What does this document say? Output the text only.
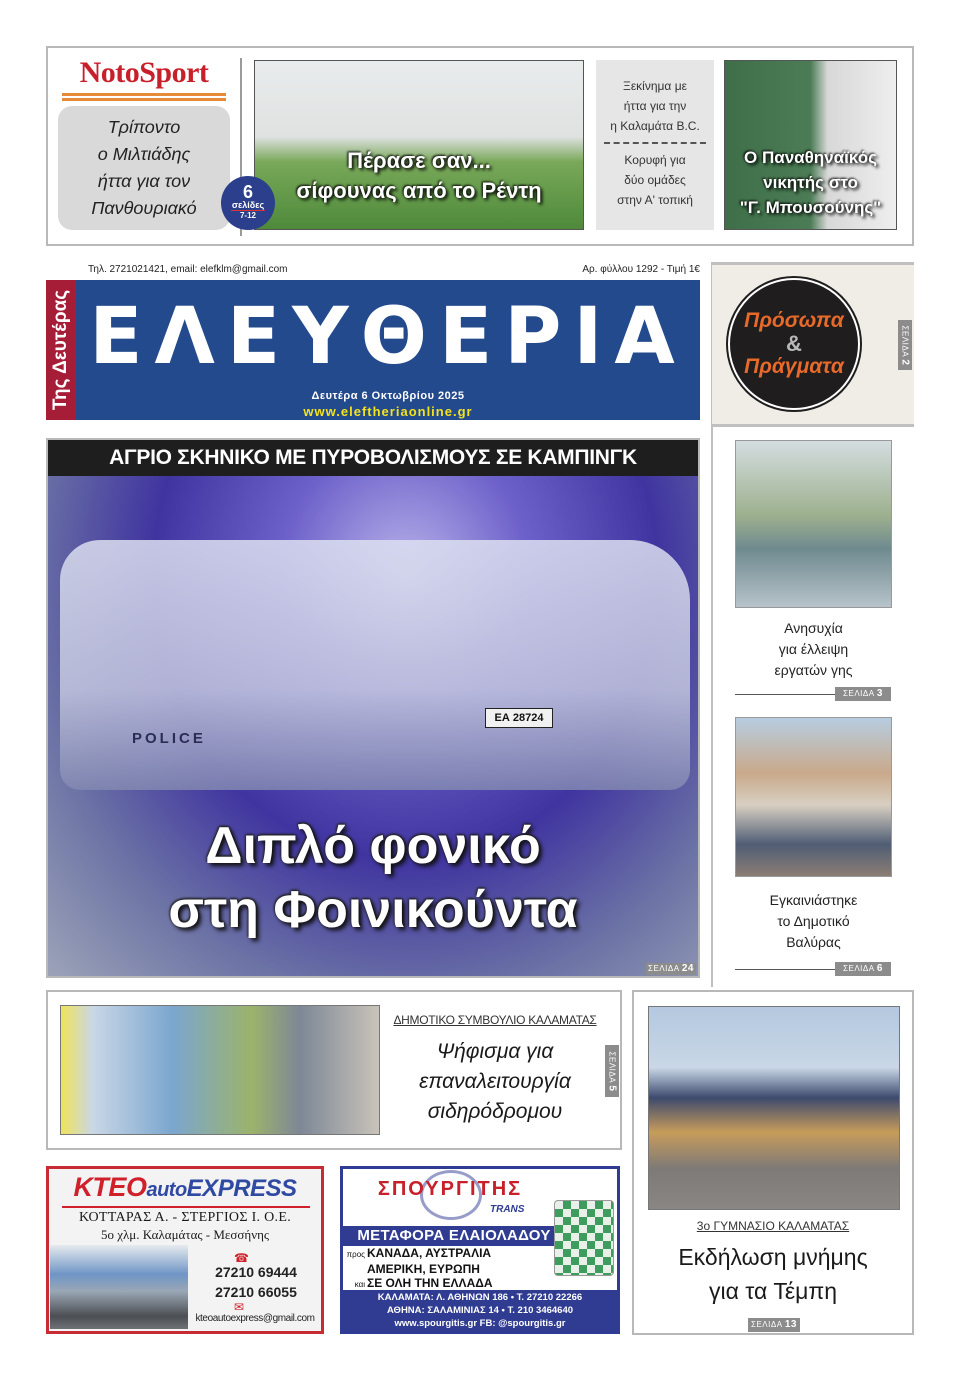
NotoSport
Τρίποντο
ο Μιλτιάδης
ήττα για τον
Πανθουριακό
Πέρασε σαν...
σίφουνας από το Ρέντη
6
σελίδες
7-12
Ξεκίνημα με
ήττα για την
η Καλαμάτα B.C.
Κορυφή για
δύο ομάδες
στην Α' τοπική
Ο Παναθηναϊκός
νικητής στο
"Γ. Μπουσούνης"
Τηλ. 2721021421, email: elefklm@gmail.com	Αρ. φύλλου 1292 - Τιμή 1€
Της Δευτέρας ΕΛΕΥΘΕΡΙΑ
Δευτέρα 6 Οκτωβρίου 2025
www.eleftheriaonline.gr
Πρόσωπα
&
Πράγματα
ΣΕΛΙΔΑ 2
Ανησυχία
για έλλειψη
εργατών γης
ΣΕΛΙΔΑ 3
Εγκαινιάστηκε
το Δημοτικό
Βαλύρας
ΣΕΛΙΔΑ 6
ΑΓΡΙΟ ΣΚΗΝΙΚΟ ΜΕ ΠΥΡΟΒΟΛΙΣΜΟΥΣ ΣΕ ΚΑΜΠΙΝΓΚ
POLICE
ΕΑ 28724
Διπλό φονικό
στη Φοινικούντα
ΣΕΛΙΔΑ 24
ΔΗΜΟΤΙΚΟ ΣΥΜΒΟΥΛΙΟ ΚΑΛΑΜΑΤΑΣ
Ψήφισμα για
επαναλειτουργία
σιδηρόδρομου
ΣΕΛΙΔΑ 5
3ο ΓΥΜΝΑΣΙΟ ΚΑΛΑΜΑΤΑΣ
Εκδήλωση μνήμης
για τα Τέμπη
ΣΕΛΙΔΑ 13
ΚΤΕΟautoEXPRESS
ΚΟΤΤΑΡΑΣ Α. - ΣΤΕΡΓΙΟΣ Ι. Ο.Ε.
5ο χλμ. Καλαμάτας - Μεσσήνης
☎
27210 69444
27210 66055
✉
kteoautoexpress@gmail.com
ΣΠΟΥΡΓΙΤΗΣ
TRANS
ΜΕΤΑΦΟΡΑ ΕΛΑΙΟΛΑΔΟΥ
προς ΚΑΝΑΔΑ, ΑΥΣΤΡΑΛΙΑ
ΑΜΕΡΙΚΗ, ΕΥΡΩΠΗ
και ΣΕ ΟΛΗ ΤΗΝ ΕΛΛΑΔΑ
ΚΑΛΑΜΑΤΑ: Λ. ΑΘΗΝΩΝ 186 • Τ. 27210 22266
ΑΘΗΝΑ: ΣΑΛΑΜΙΝΙΑΣ 14 • Τ. 210 3464640
www.spourgitis.gr FB: @spourgitis.gr
